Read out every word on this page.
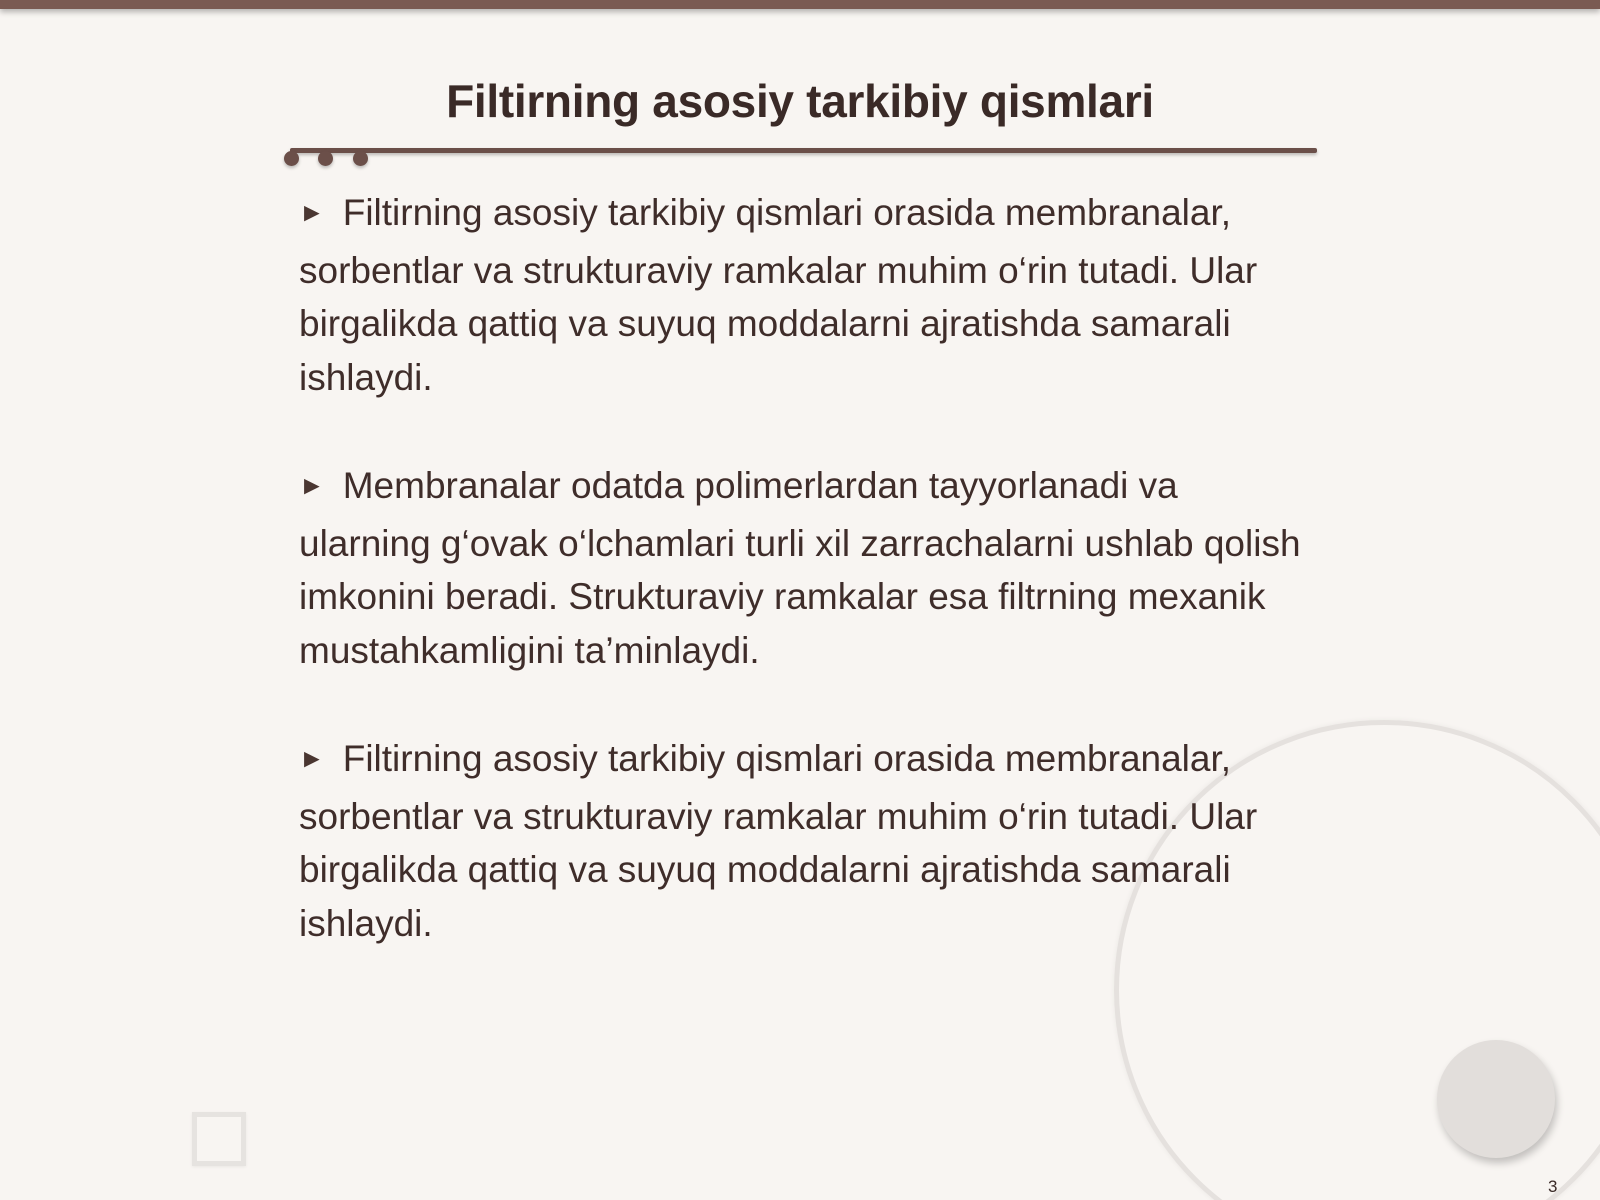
Filtirning asosiy tarkibiy qismlari

► Filtirning asosiy tarkibiy qismlari orasida membranalar, sorbentlar va strukturaviy ramkalar muhim o‘rin tutadi. Ular birgalikda qattiq va suyuq moddalarni ajratishda samarali ishlaydi.

► Membranalar odatda polimerlardan tayyorlanadi va ularning g‘ovak o‘lchamlari turli xil zarrachalarni ushlab qolish imkonini beradi. Strukturaviy ramkalar esa filtrning mexanik mustahkamligini ta’minlaydi.

► Filtirning asosiy tarkibiy qismlari orasida membranalar, sorbentlar va strukturaviy ramkalar muhim o‘rin tutadi. Ular birgalikda qattiq va suyuq moddalarni ajratishda samarali ishlaydi.

3
